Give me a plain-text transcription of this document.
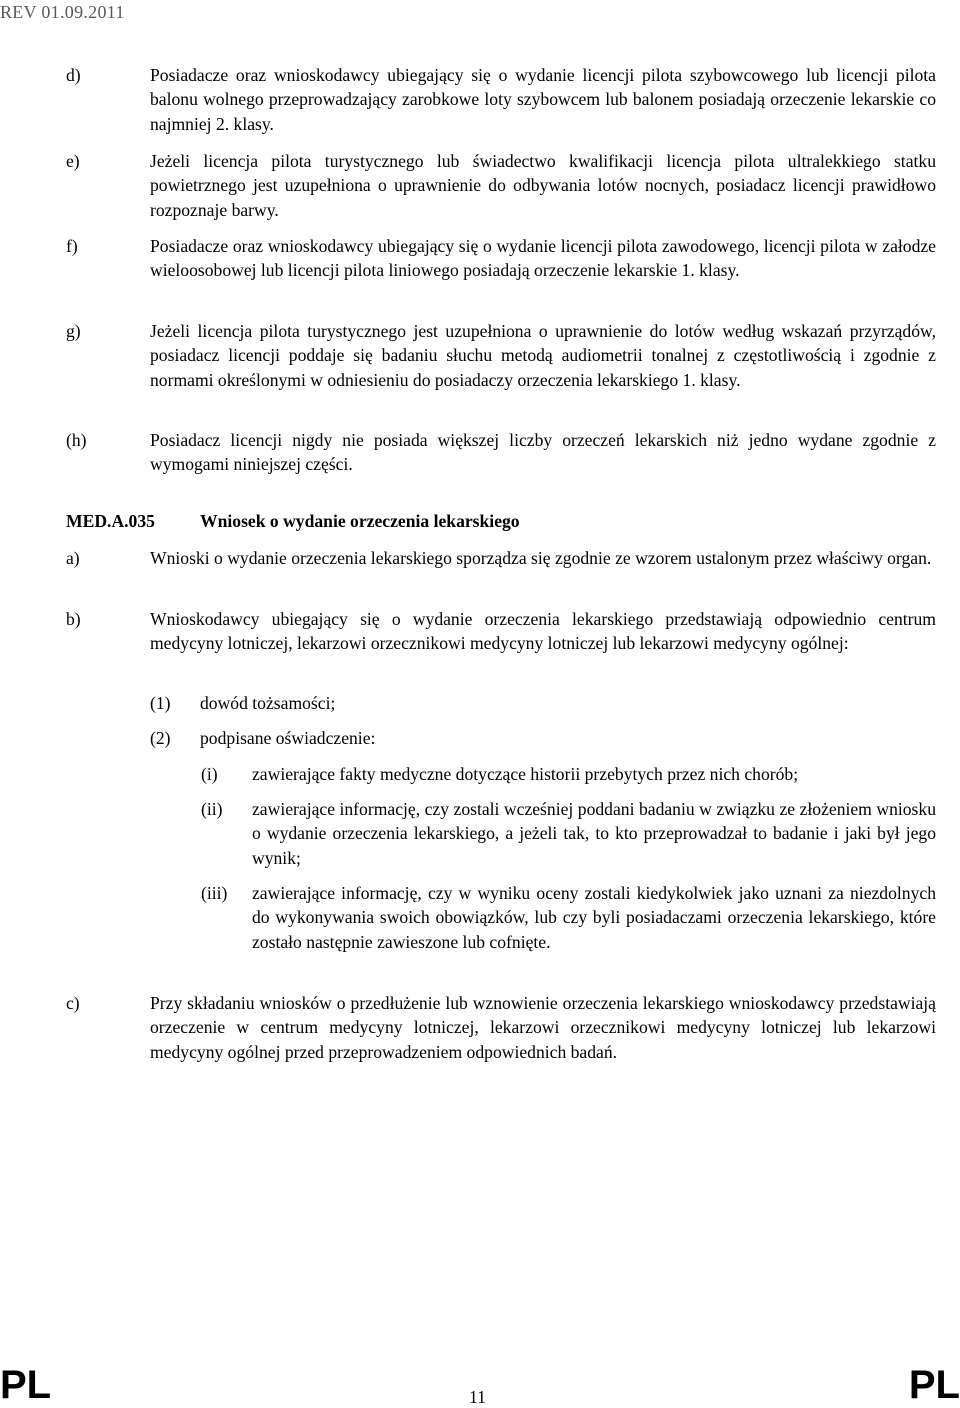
REV 01.09.2011
d)	Posiadacze oraz wnioskodawcy ubiegający się o wydanie licencji pilota szybowcowego lub licencji pilota balonu wolnego przeprowadzający zarobkowe loty szybowcem lub balonem posiadają orzeczenie lekarskie co najmniej 2. klasy.
e)	Jeżeli licencja pilota turystycznego lub świadectwo kwalifikacji licencja pilota ultralekkiego statku powietrznego jest uzupełniona o uprawnienie do odbywania lotów nocnych, posiadacz licencji prawidłowo rozpoznaje barwy.
f)	Posiadacze oraz wnioskodawcy ubiegający się o wydanie licencji pilota zawodowego, licencji pilota w załodze wieloosobowej lub licencji pilota liniowego posiadają orzeczenie lekarskie 1. klasy.
g)	Jeżeli licencja pilota turystycznego jest uzupełniona o uprawnienie do lotów według wskazań przyrządów, posiadacz licencji poddaje się badaniu słuchu metodą audiometrii tonalnej z częstotliwością i zgodnie z normami określonymi w odniesieniu do posiadaczy orzeczenia lekarskiego 1. klasy.
(h)	Posiadacz licencji nigdy nie posiada większej liczby orzeczeń lekarskich niż jedno wydane zgodnie z wymogami niniejszej części.
MED.A.035	Wniosek o wydanie orzeczenia lekarskiego
a)	Wnioski o wydanie orzeczenia lekarskiego sporządza się zgodnie ze wzorem ustalonym przez właściwy organ.
b)	Wnioskodawcy ubiegający się o wydanie orzeczenia lekarskiego przedstawiają odpowiednio centrum medycyny lotniczej, lekarzowi orzecznikowi medycyny lotniczej lub lekarzowi medycyny ogólnej:
(1) dowód tożsamości;
(2) podpisane oświadczenie:
(i) zawierające fakty medyczne dotyczące historii przebytych przez nich chorób;
(ii) zawierające informację, czy zostali wcześniej poddani badaniu w związku ze złożeniem wniosku o wydanie orzeczenia lekarskiego, a jeżeli tak, to kto przeprowadzał to badanie i jaki był jego wynik;
(iii) zawierające informację, czy w wyniku oceny zostali kiedykolwiek jako uznani za niezdolnych do wykonywania swoich obowiązków, lub czy byli posiadaczami orzeczenia lekarskiego, które zostało następnie zawieszone lub cofnięte.
c)	Przy składaniu wniosków o przedłużenie lub wznowienie orzeczenia lekarskiego wnioskodawcy przedstawiają orzeczenie w centrum medycyny lotniczej, lekarzowi orzecznikowi medycyny lotniczej lub lekarzowi medycyny ogólnej przed przeprowadzeniem odpowiednich badań.
PL	11	PL
